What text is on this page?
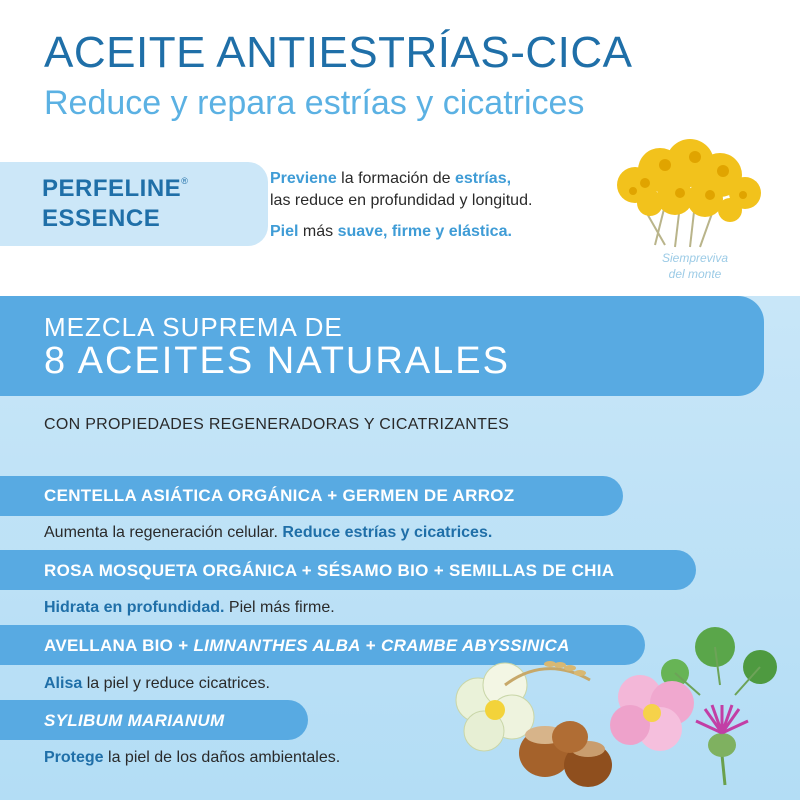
ACEITE ANTIESTRÍAS-CICA
Reduce y repara estrías y cicatrices
PERFELINE®
ESSENCE
Previene la formación de estrías,
las reduce en profundidad y longitud.
Piel más suave, firme y elástica.
Siempreviva
del monte
MEZCLA SUPREMA DE
8 ACEITES NATURALES
CON PROPIEDADES REGENERADORAS Y CICATRIZANTES
CENTELLA ASIÁTICA ORGÁNICA + GERMEN DE ARROZ
Aumenta la regeneración celular. Reduce estrías y cicatrices.
ROSA MOSQUETA ORGÁNICA + SÉSAMO BIO + SEMILLAS DE CHIA
Hidrata en profundidad. Piel más firme.
AVELLANA BIO + LIMNANTHES ALBA + CRAMBE ABYSSINICA
Alisa la piel y reduce cicatrices.
SYLIBUM MARIANUM
Protege la piel de los daños ambientales.
